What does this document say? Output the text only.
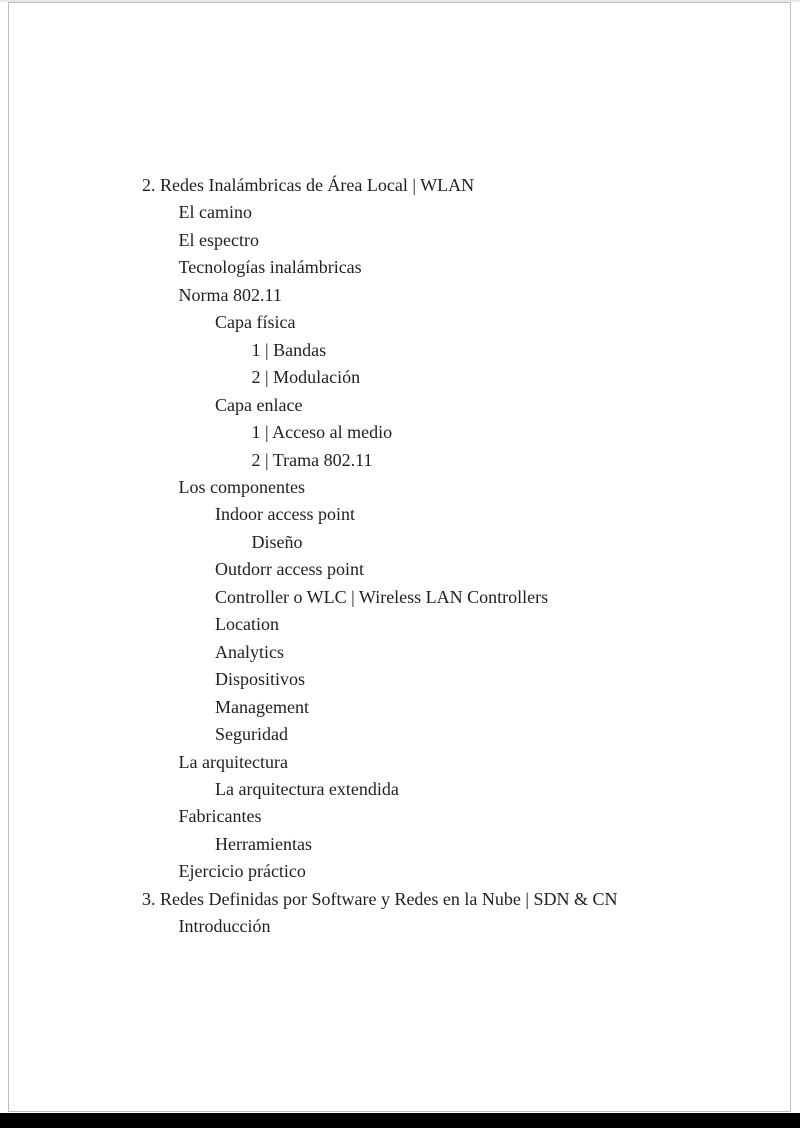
2. Redes Inalámbricas de Área Local | WLAN
El camino
El espectro
Tecnologías inalámbricas
Norma 802.11
Capa física
1 | Bandas
2 | Modulación
Capa enlace
1 | Acceso al medio
2 | Trama 802.11
Los componentes
Indoor access point
Diseño
Outdorr access point
Controller o WLC | Wireless LAN Controllers
Location
Analytics
Dispositivos
Management
Seguridad
La arquitectura
La arquitectura extendida
Fabricantes
Herramientas
Ejercicio práctico
3. Redes Definidas por Software y Redes en la Nube | SDN & CN
Introducción
